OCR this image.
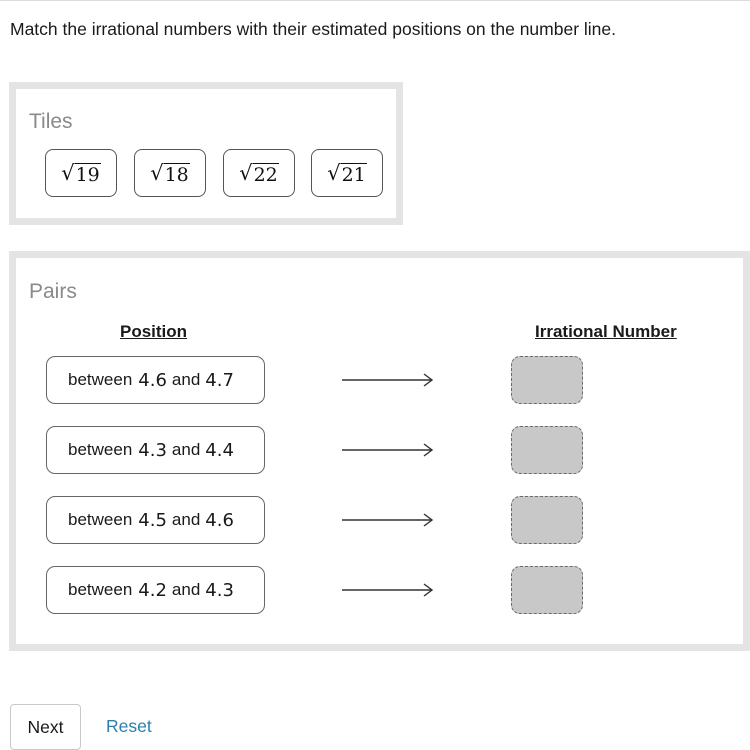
Match the irrational numbers with their estimated positions on the number line.
Tiles
√ 19 √ 18 √ 22 √ 21
Pairs
Position	Irrational Number
between 4.6 and 4.7
between 4.3 and 4.4
between 4.5 and 4.6
between 4.2 and 4.3
Next	Reset
